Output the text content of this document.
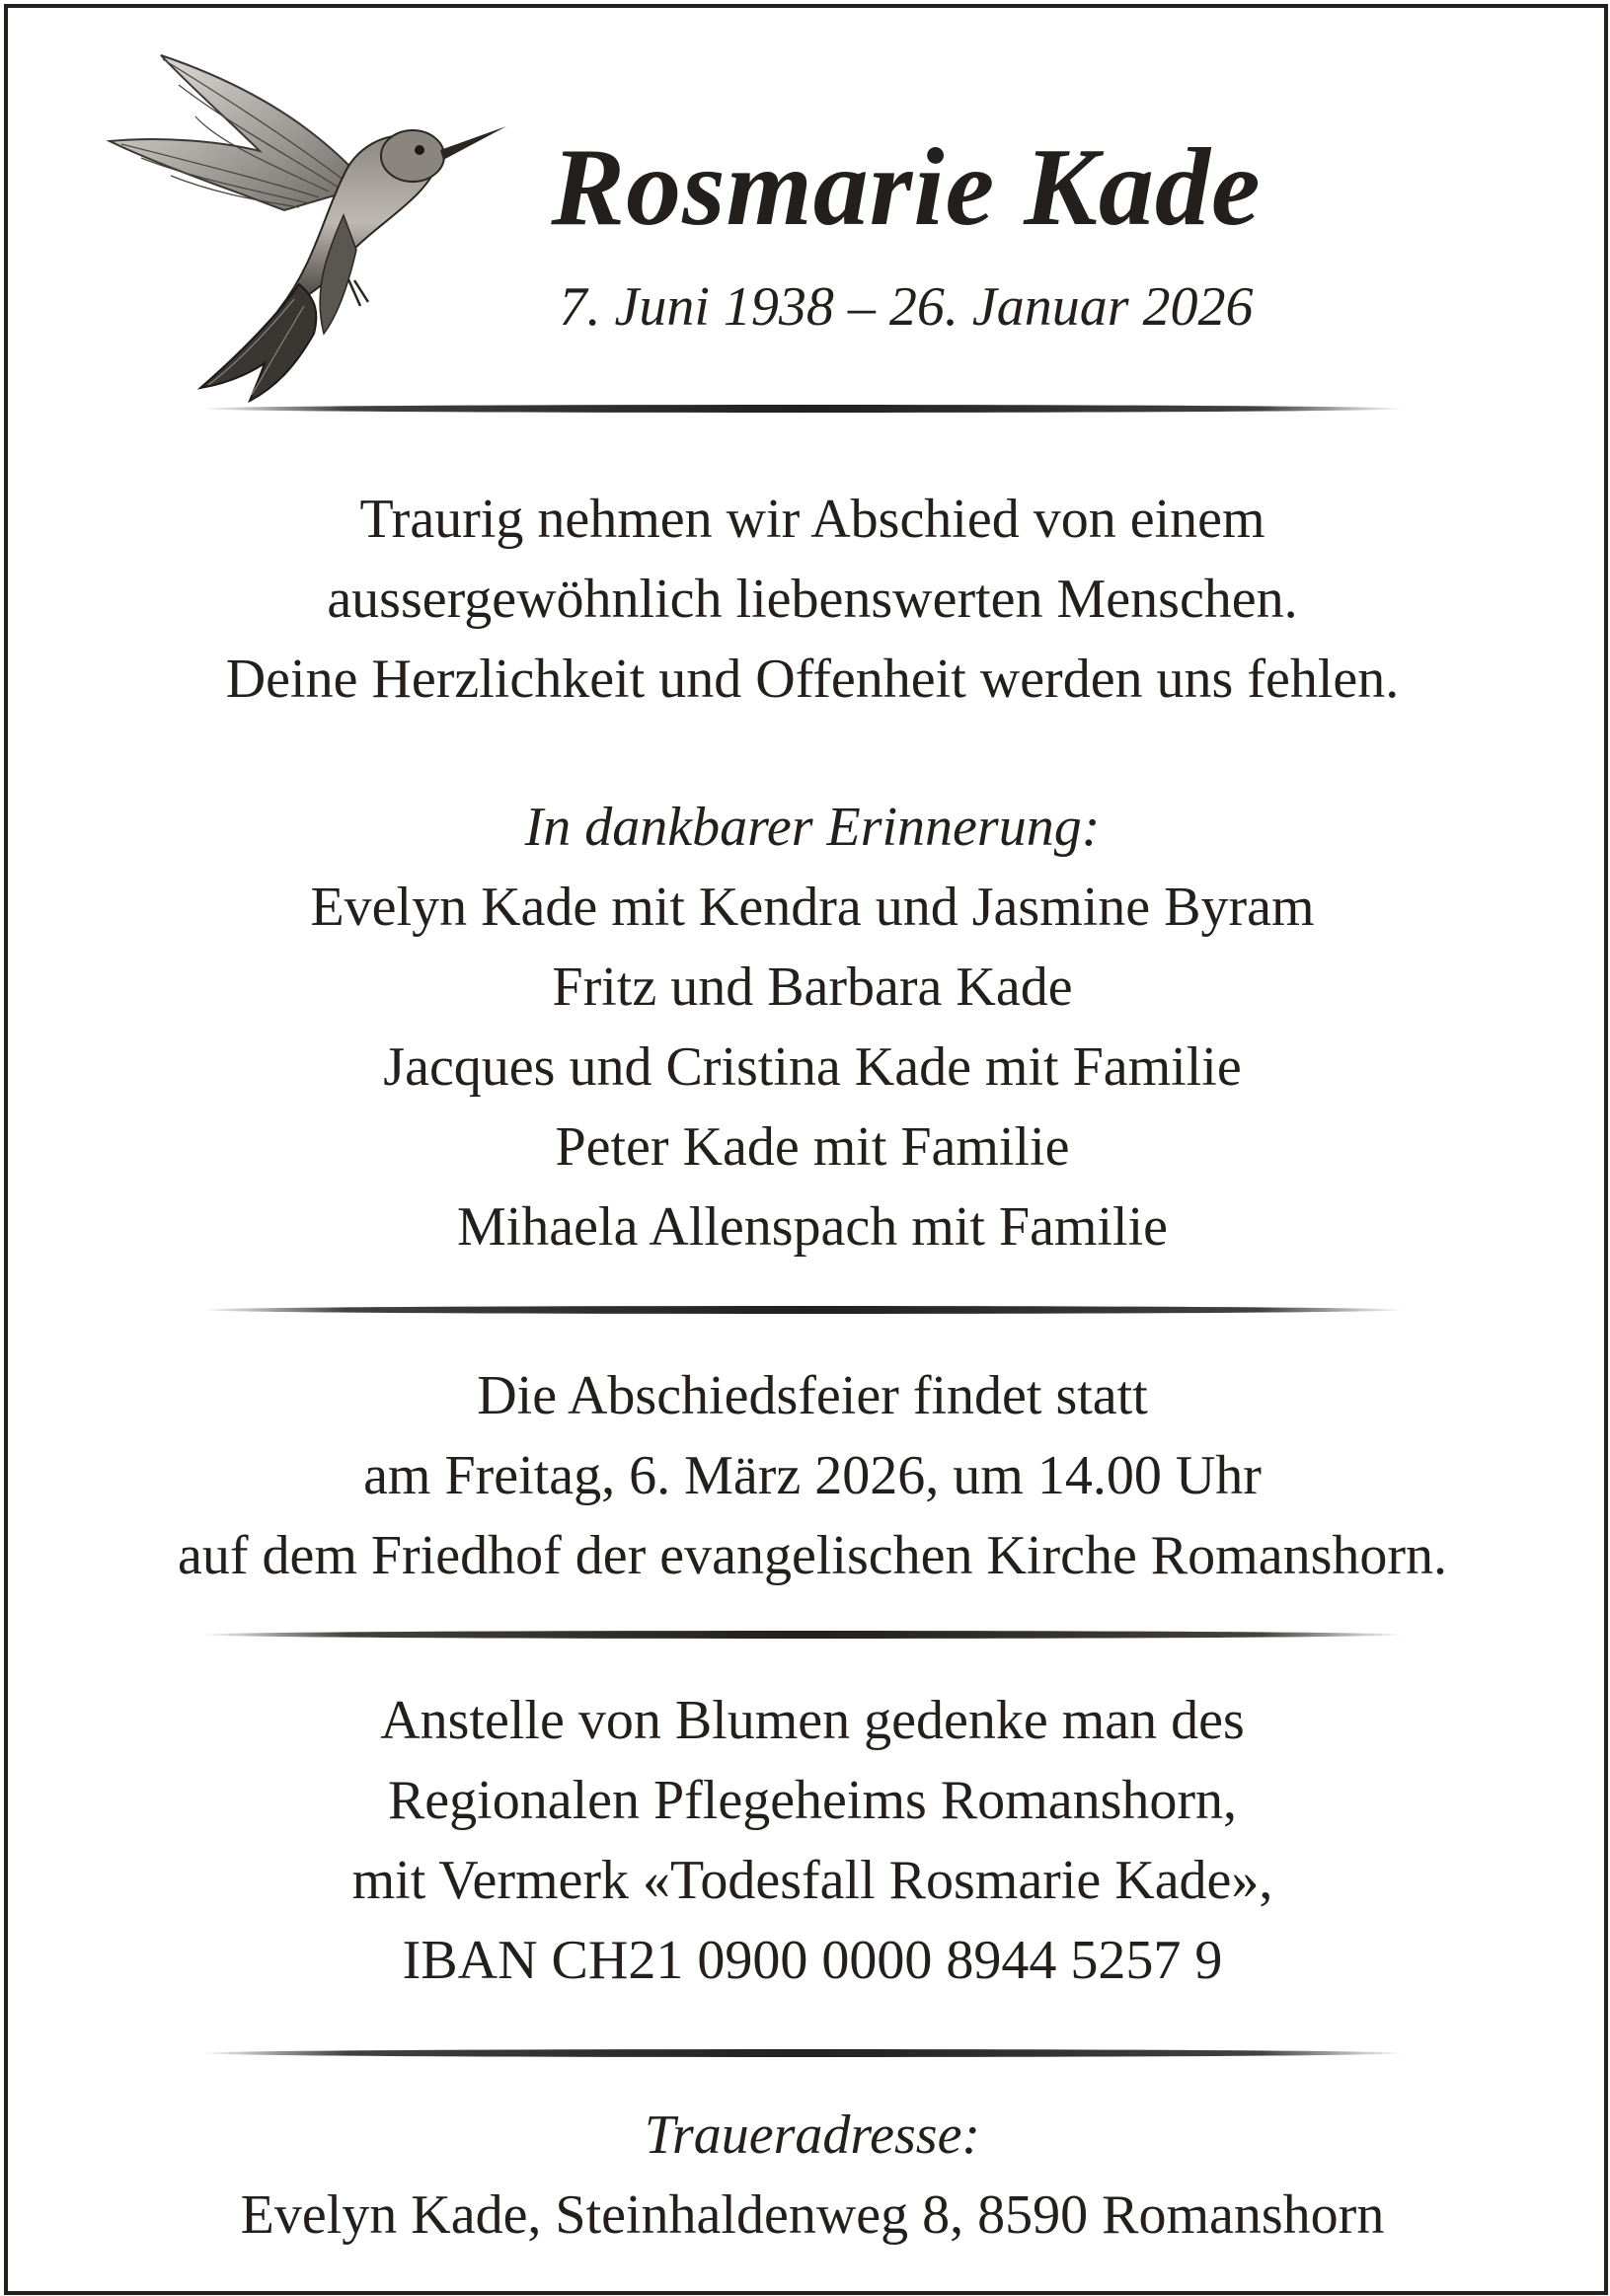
Rosmarie Kade
7. Juni 1938 – 26. Januar 2026
Traurig nehmen wir Abschied von einem
aussergewöhnlich liebenswerten Menschen.
Deine Herzlichkeit und Offenheit werden uns fehlen.
In dankbarer Erinnerung:
Evelyn Kade mit Kendra und Jasmine Byram
Fritz und Barbara Kade
Jacques und Cristina Kade mit Familie
Peter Kade mit Familie
Mihaela Allenspach mit Familie
Die Abschiedsfeier findet statt
am Freitag, 6. März 2026, um 14.00 Uhr
auf dem Friedhof der evangelischen Kirche Romanshorn.
Anstelle von Blumen gedenke man des
Regionalen Pflegeheims Romanshorn,
mit Vermerk «Todesfall Rosmarie Kade»,
IBAN CH21 0900 0000 8944 5257 9
Traueradresse:
Evelyn Kade, Steinhaldenweg 8, 8590 Romanshorn
